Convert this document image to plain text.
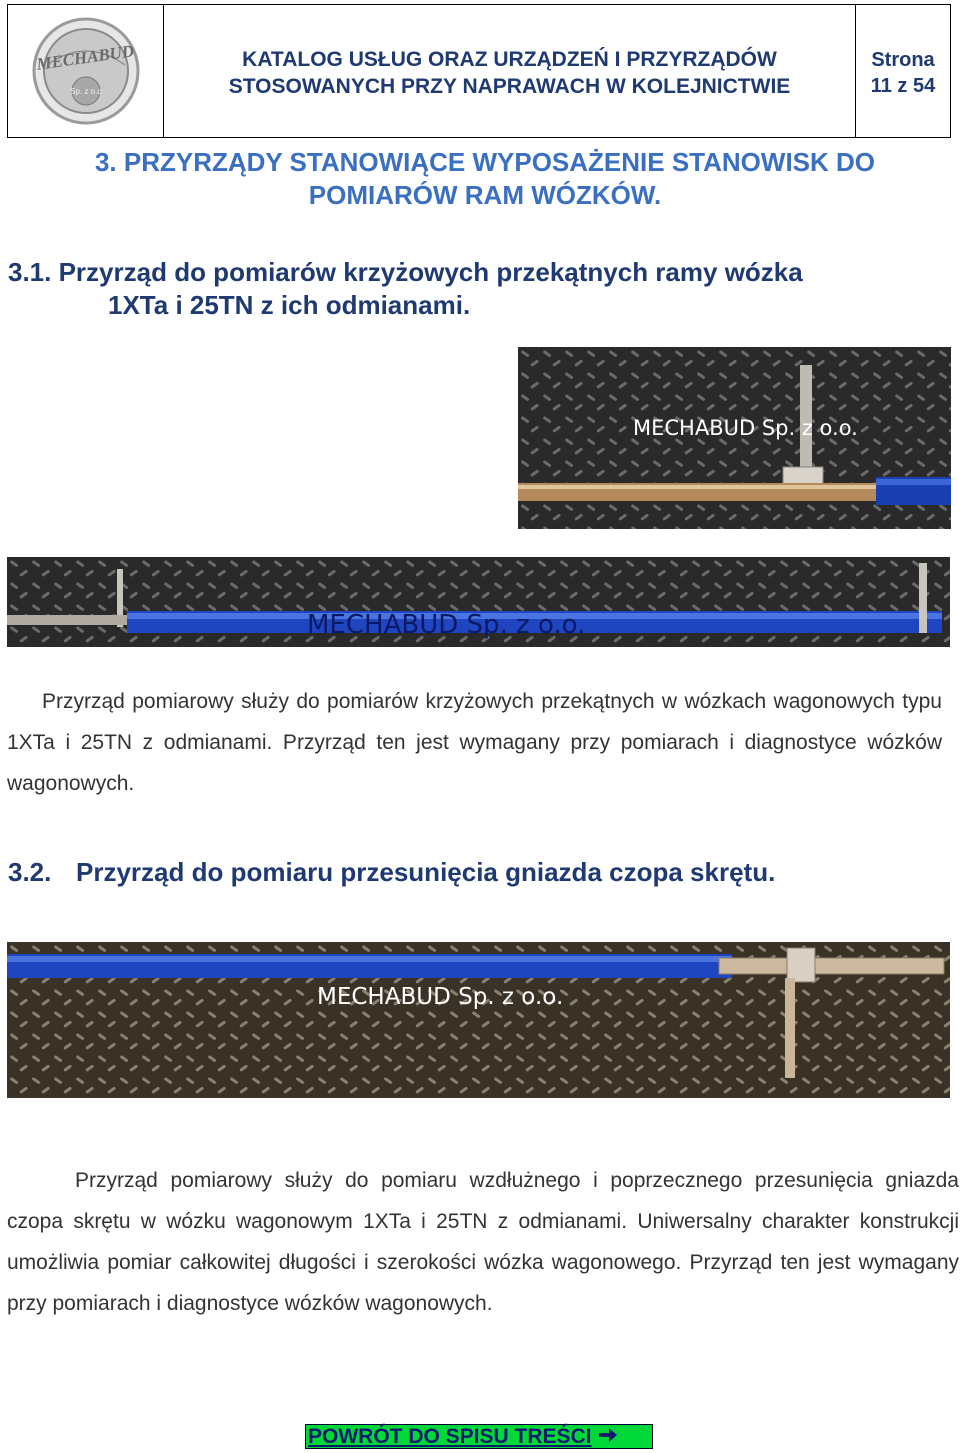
MECHABUD
Sp. z o.o
KATALOG USŁUG ORAZ URZĄDZEŃ I PRZYRZĄDÓW
STOSOWANYCH PRZY NAPRAWACH W KOLEJNICTWIE
Strona
11 z 54
3. PRZYRZĄDY STANOWIĄCE WYPOSAŻENIE STANOWISK DO
POMIARÓW RAM WÓZKÓW.
3.1. Przyrząd do pomiarów krzyżowych przekątnych ramy wózka
1XTa i 25TN z ich odmianami.
MECHABUD Sp. z o.o.
MECHABUD Sp. z o.o.
Przyrząd pomiarowy służy do pomiarów krzyżowych przekątnych w wózkach wagonowych typu 1XTa i 25TN z odmianami. Przyrząd ten jest wymagany przy pomiarach i diagnostyce wózków wagonowych.
3.2. Przyrząd do pomiaru przesunięcia gniazda czopa skrętu.
MECHABUD Sp. z o.o.
Przyrząd pomiarowy służy do pomiaru wzdłużnego i poprzecznego przesunięcia gniazda czopa skrętu w wózku wagonowym 1XTa i 25TN z odmianami. Uniwersalny charakter konstrukcji umożliwia pomiar całkowitej długości i szerokości wózka wagonowego. Przyrząd ten jest wymagany przy pomiarach i diagnostyce wózków wagonowych.
POWRÓT DO SPISU TREŚCI
